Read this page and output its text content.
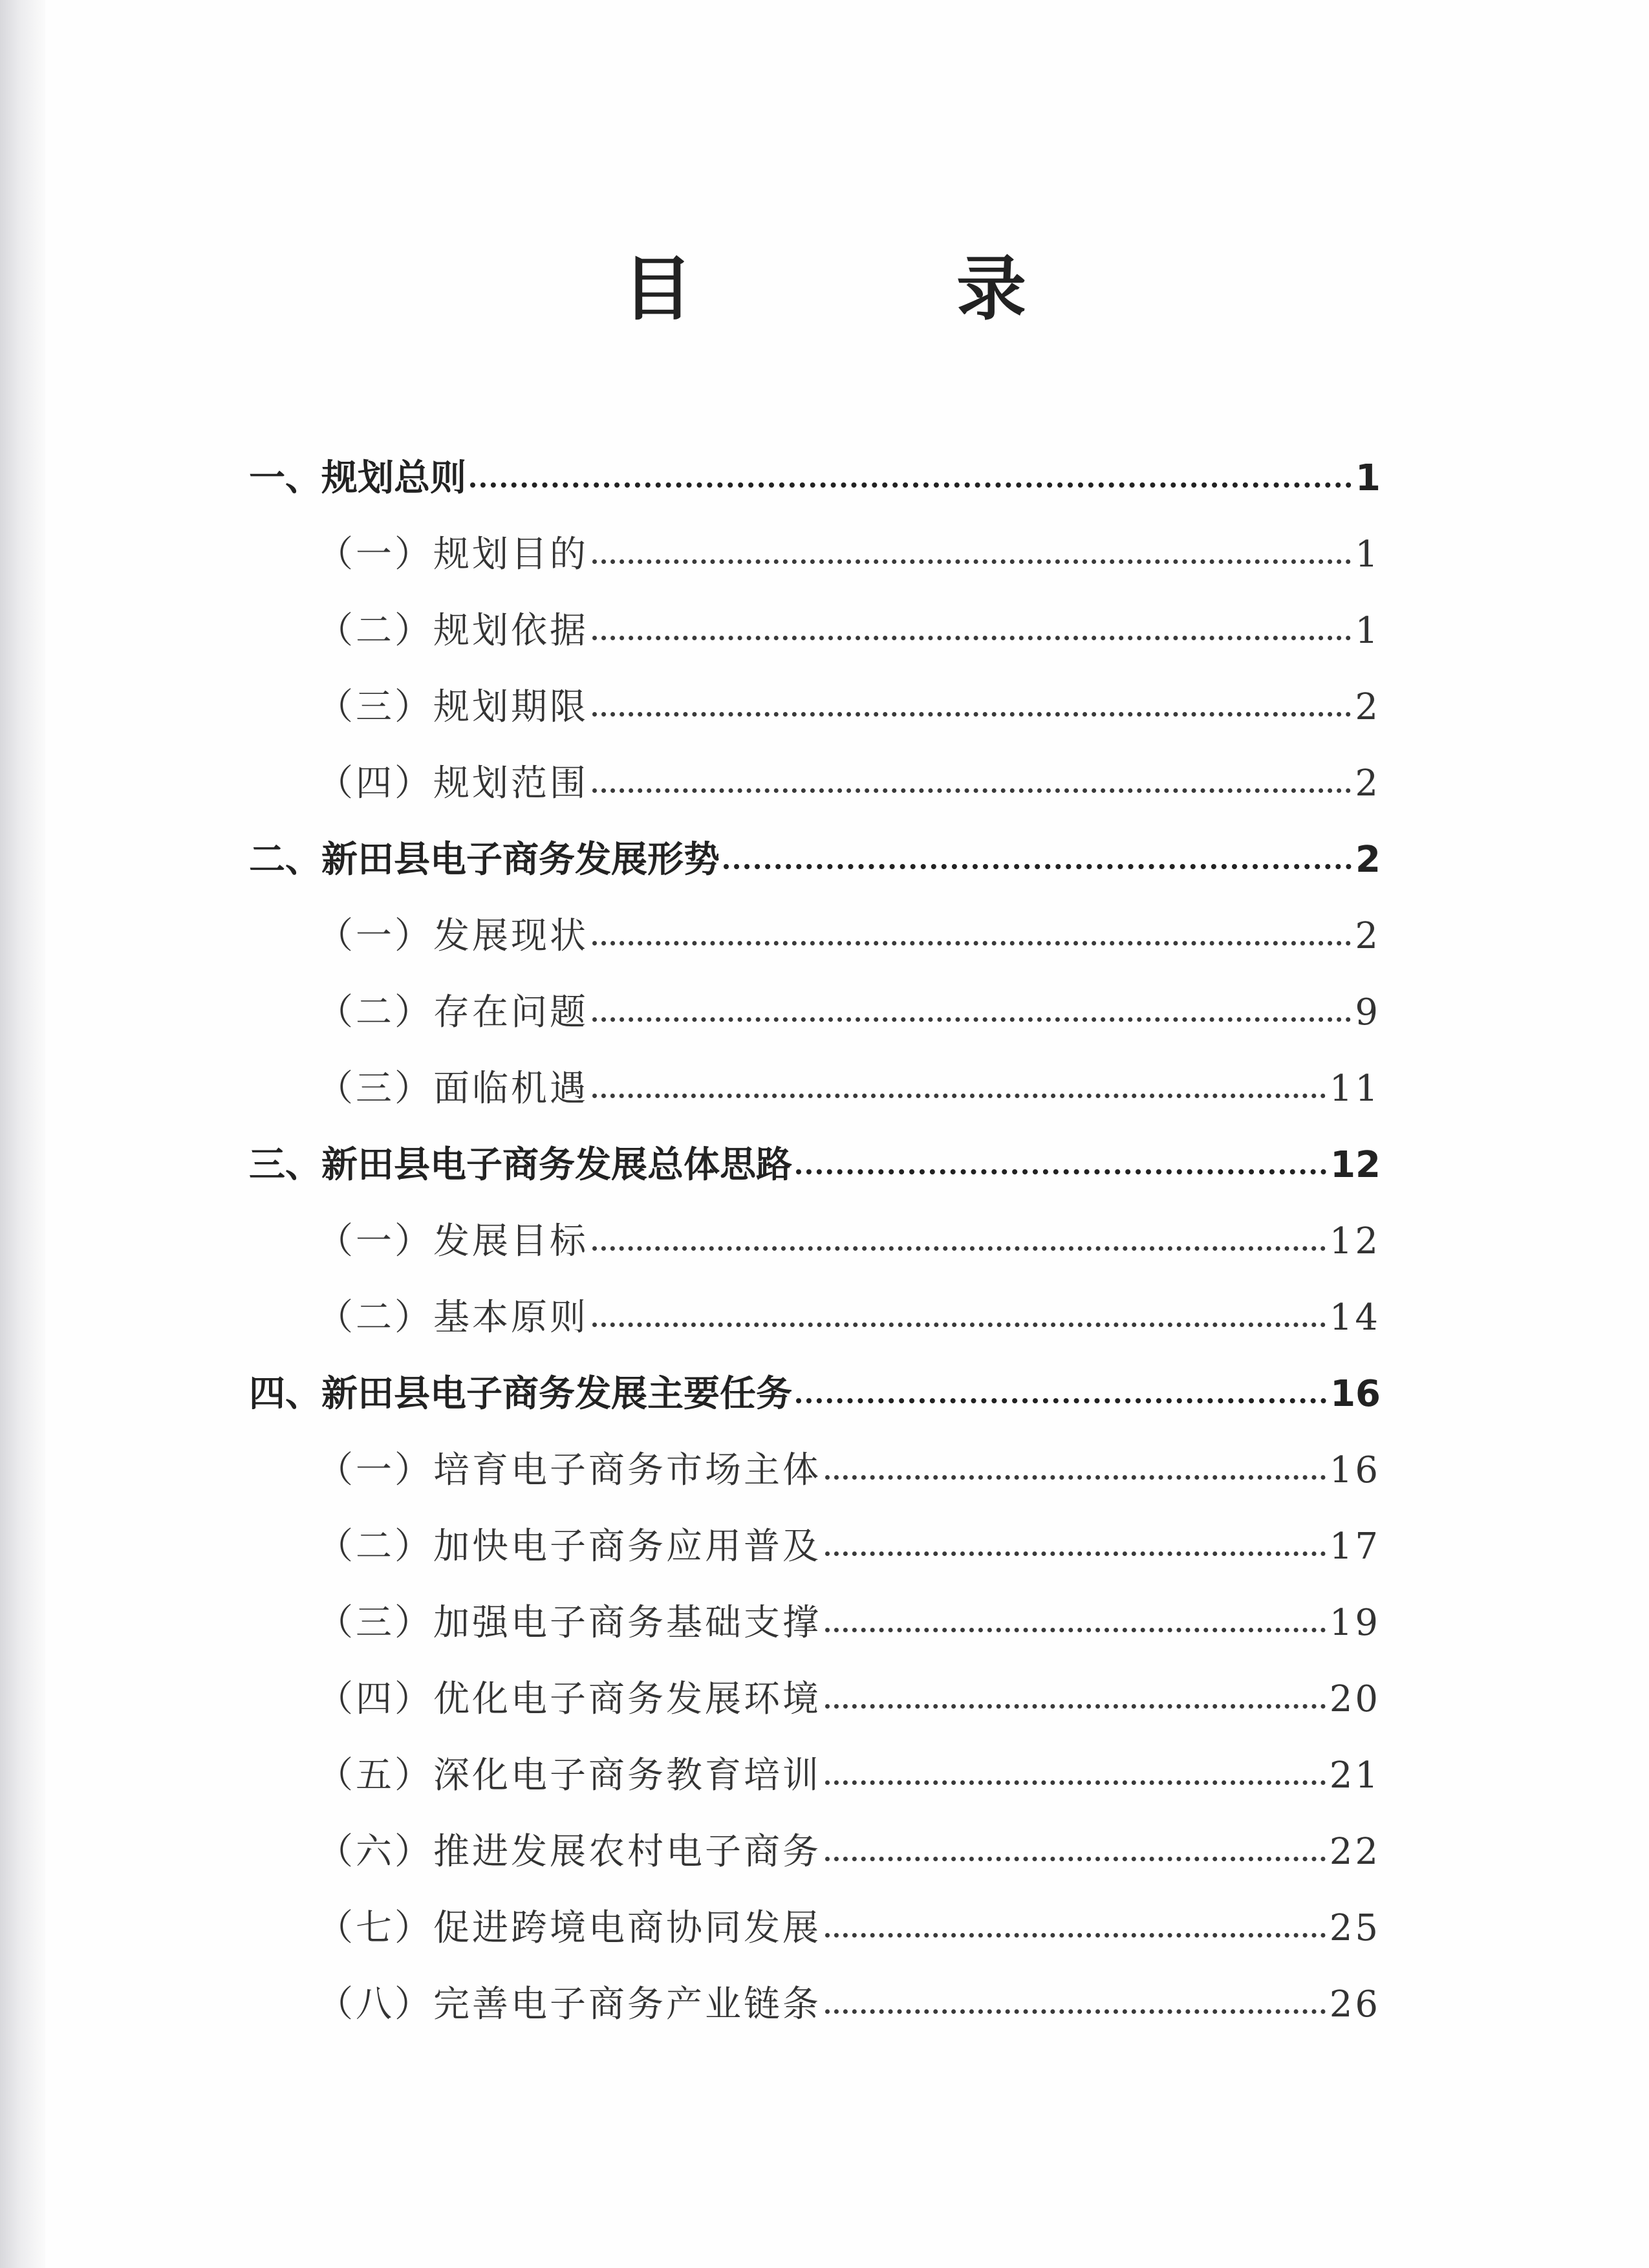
目　录
一、规划总则	1
（一）规划目的	1
（二）规划依据	1
（三）规划期限	2
（四）规划范围	2
二、新田县电子商务发展形势	2
（一）发展现状	2
（二）存在问题	9
（三）面临机遇	11
三、新田县电子商务发展总体思路	12
（一）发展目标	12
（二）基本原则	14
四、新田县电子商务发展主要任务	16
（一）培育电子商务市场主体	16
（二）加快电子商务应用普及	17
（三）加强电子商务基础支撑	19
（四）优化电子商务发展环境	20
（五）深化电子商务教育培训	21
（六）推进发展农村电子商务	22
（七）促进跨境电商协同发展	25
（八）完善电子商务产业链条	26
